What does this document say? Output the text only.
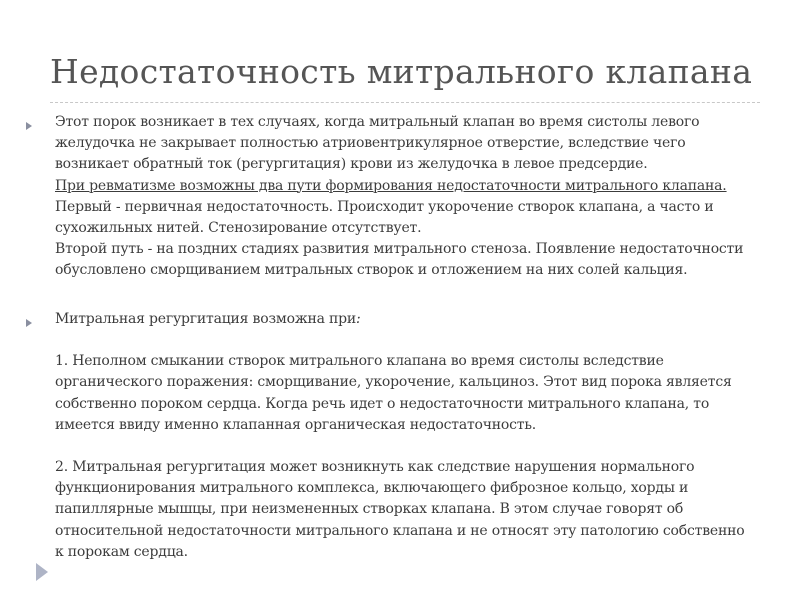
Недостаточность митрального клапана
Этот порок возникает в тех случаях, когда митральный клапан во время систолы левого
желудочка не закрывает полностью атриовентрикулярное отверстие, вследствие чего
возникает обратный ток (регургитация) крови из желудочка в левое предсердие.
При ревматизме возможны два пути формирования недостаточности митрального клапана.
Первый - первичная недостаточность. Происходит укорочение створок клапана, а часто и
сухожильных нитей. Стенозирование отсутствует.
Второй путь - на поздних стадиях развития митрального стеноза. Появление недостаточности
обусловлено сморщиванием митральных створок и отложением на них солей кальция.
Митральная регургитация возможна при:
1. Неполном смыкании створок митрального клапана во время систолы вследствие
органического поражения: сморщивание, укорочение, кальциноз. Этот вид порока является
собственно пороком сердца. Когда речь идет о недостаточности митрального клапана, то
имеется ввиду именно клапанная органическая недостаточность.
2. Митральная регургитация может возникнуть как следствие нарушения нормального
функционирования митрального комплекса, включающего фиброзное кольцо, хорды и
папиллярные мышцы, при неизмененных створках клапана. В этом случае говорят об
относительной недостаточности митрального клапана и не относят эту патологию собственно
к порокам сердца.
